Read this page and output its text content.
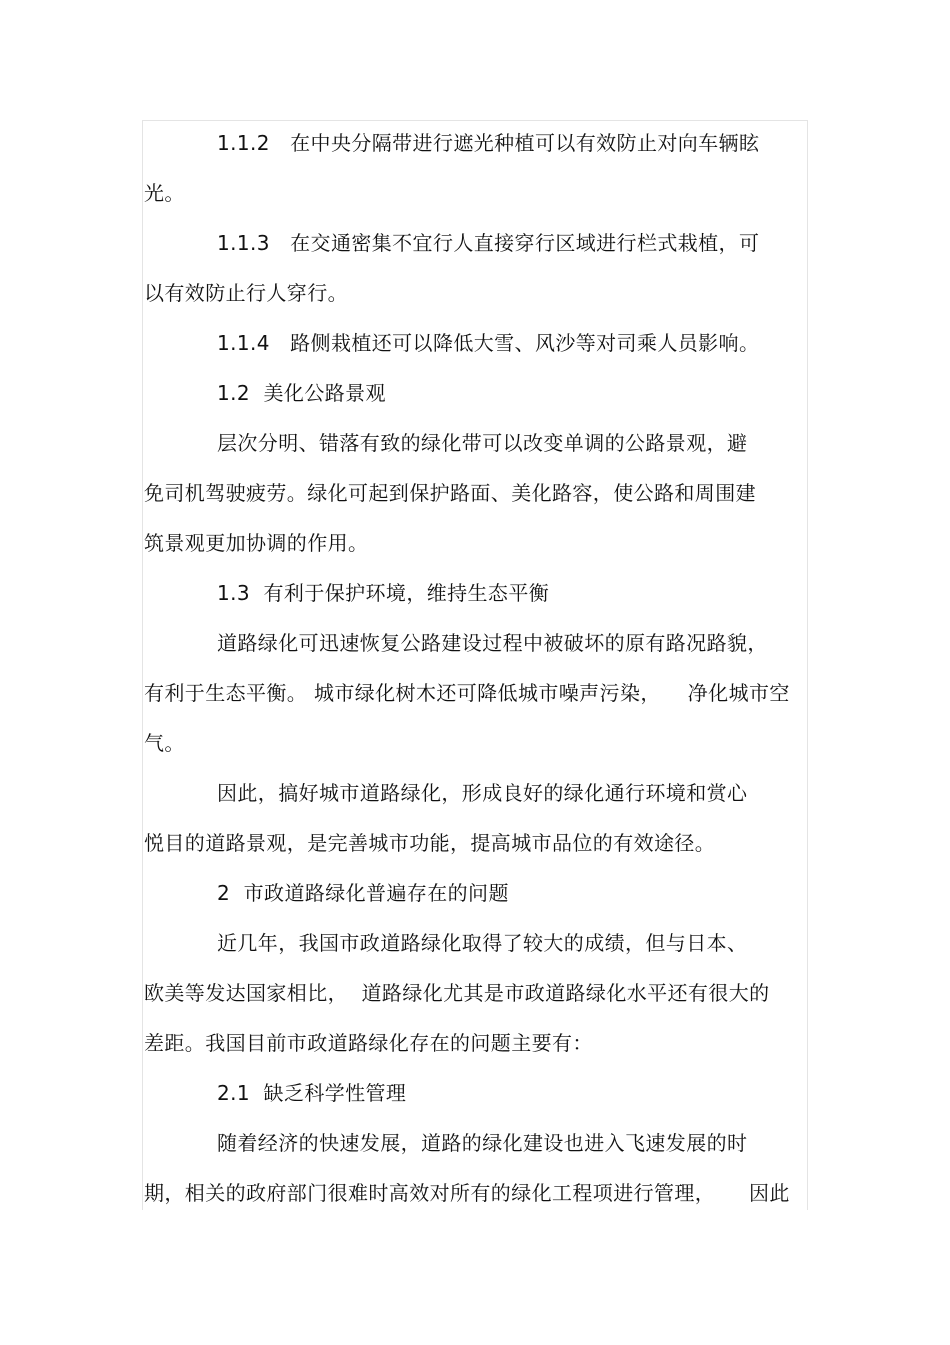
1.1.2   在中央分隔带进行遮光种植可以有效防止对向车辆眩
光。
1.1.3   在交通密集不宜行人直接穿行区域进行栏式栽植，可
以有效防止行人穿行。
1.1.4   路侧栽植还可以降低大雪、风沙等对司乘人员影响。
1.2  美化公路景观
层次分明、错落有致的绿化带可以改变单调的公路景观，避
免司机驾驶疲劳。绿化可起到保护路面、美化路容，使公路和周围建
筑景观更加协调的作用。
1.3  有利于保护环境，维持生态平衡
道路绿化可迅速恢复公路建设过程中被破坏的原有路况路貌，
有利于生态平衡。 城市绿化树木还可降低城市噪声污染，    净化城市空
气。
因此，搞好城市道路绿化，形成良好的绿化通行环境和赏心
悦目的道路景观，是完善城市功能，提高城市品位的有效途径。
2  市政道路绿化普遍存在的问题
近几年，我国市政道路绿化取得了较大的成绩，但与日本、
欧美等发达国家相比，  道路绿化尤其是市政道路绿化水平还有很大的
差距。我国目前市政道路绿化存在的问题主要有：
2.1  缺乏科学性管理
随着经济的快速发展，道路的绿化建设也进入飞速发展的时
期，相关的政府部门很难时高效对所有的绿化工程项进行管理，     因此
